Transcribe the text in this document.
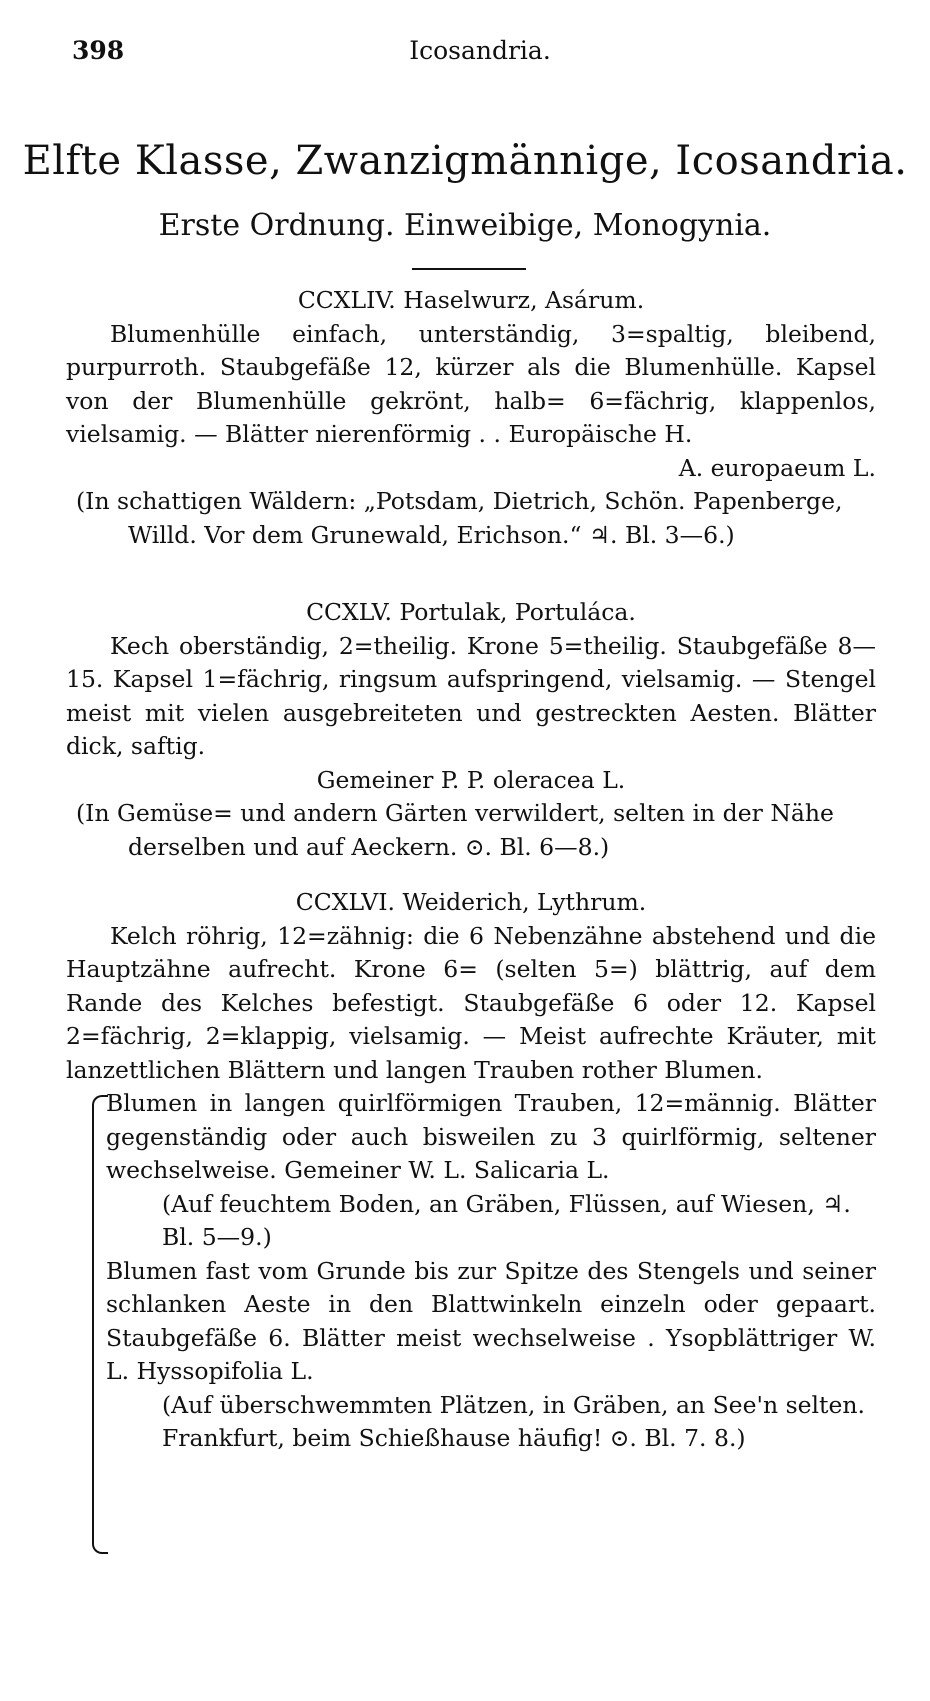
398	Icosandria.
Elfte Klasse, Zwanzigmännige, Icosandria.
Erste Ordnung. Einweibige, Monogynia.

CCXLIV. Haselwurz, Asárum.

Blumenhülle einfach, unterständig, 3=spaltig, bleibend, purpurroth. Staubgefäße 12, kürzer als die Blumenhülle. Kapsel von der Blumenhülle gekrönt, halb= 6=fächrig, klappenlos, vielsamig. — Blätter nierenförmig . . Europäische H.

A. europaeum L.

(In schattigen Wäldern: „Potsdam, Dietrich, Schön. Papenberge, Willd. Vor dem Grunewald, Erichson.“ ♃. Bl. 3—6.)

CCXLV. Portulak, Portuláca.

Kech oberständig, 2=theilig. Krone 5=theilig. Staubgefäße 8—15. Kapsel 1=fächrig, ringsum aufspringend, vielsamig. — Stengel meist mit vielen ausgebreiteten und gestreckten Aesten. Blätter dick, saftig.

Gemeiner P. P. oleracea L.

(In Gemüse= und andern Gärten verwildert, selten in der Nähe derselben und auf Aeckern. ⊙. Bl. 6—8.)

CCXLVI. Weiderich, Lythrum.

Kelch röhrig, 12=zähnig: die 6 Nebenzähne abstehend und die Hauptzähne aufrecht. Krone 6= (selten 5=) blättrig, auf dem Rande des Kelches befestigt. Staubgefäße 6 oder 12. Kapsel 2=fächrig, 2=klappig, vielsamig. — Meist aufrechte Kräuter, mit lanzettlichen Blättern und langen Trauben rother Blumen.

Blumen in langen quirlförmigen Trauben, 12=männig. Blätter gegenständig oder auch bisweilen zu 3 quirlförmig, seltener wechselweise. Gemeiner W. L. Salicaria L.

(Auf feuchtem Boden, an Gräben, Flüssen, auf Wiesen, ♃. Bl. 5—9.)

Blumen fast vom Grunde bis zur Spitze des Stengels und seiner schlanken Aeste in den Blattwinkeln einzeln oder gepaart. Staubgefäße 6. Blätter meist wechselweise . Ysopblättriger W. L. Hyssopifolia L.

(Auf überschwemmten Plätzen, in Gräben, an See'n selten. Frankfurt, beim Schießhause häufig! ⊙. Bl. 7. 8.)
